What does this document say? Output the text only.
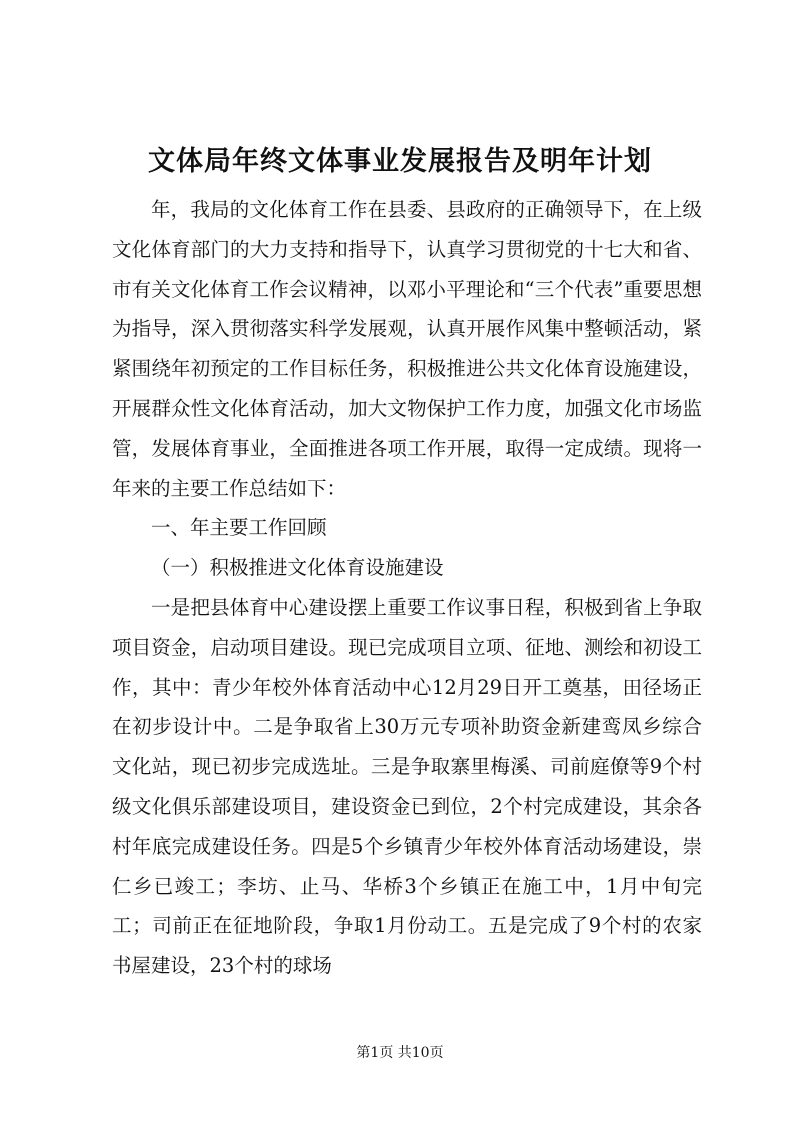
文体局年终文体事业发展报告及明年计划

年，我局的文化体育工作在县委、县政府的正确领导下，在上级文化体育部门的大力支持和指导下，认真学习贯彻党的十七大和省、市有关文化体育工作会议精神，以邓小平理论和“三个代表”重要思想为指导，深入贯彻落实科学发展观，认真开展作风集中整顿活动，紧紧围绕年初预定的工作目标任务，积极推进公共文化体育设施建设，开展群众性文化体育活动，加大文物保护工作力度，加强文化市场监管，发展体育事业，全面推进各项工作开展，取得一定成绩。现将一年来的主要工作总结如下：

一、年主要工作回顾

（一）积极推进文化体育设施建设

一是把县体育中心建设摆上重要工作议事日程，积极到省上争取项目资金，启动项目建设。现已完成项目立项、征地、测绘和初设工作，其中：青少年校外体育活动中心12月29日开工奠基，田径场正在初步设计中。二是争取省上30万元专项补助资金新建鸾凤乡综合文化站，现已初步完成选址。三是争取寨里梅溪、司前庭僚等9个村级文化俱乐部建设项目，建设资金已到位，2个村完成建设，其余各村年底完成建设任务。四是5个乡镇青少年校外体育活动场建设，崇仁乡已竣工；李坊、止马、华桥3个乡镇正在施工中，1月中旬完工；司前正在征地阶段，争取1月份动工。五是完成了9个村的农家书屋建设，23个村的球场

第1页 共10页
